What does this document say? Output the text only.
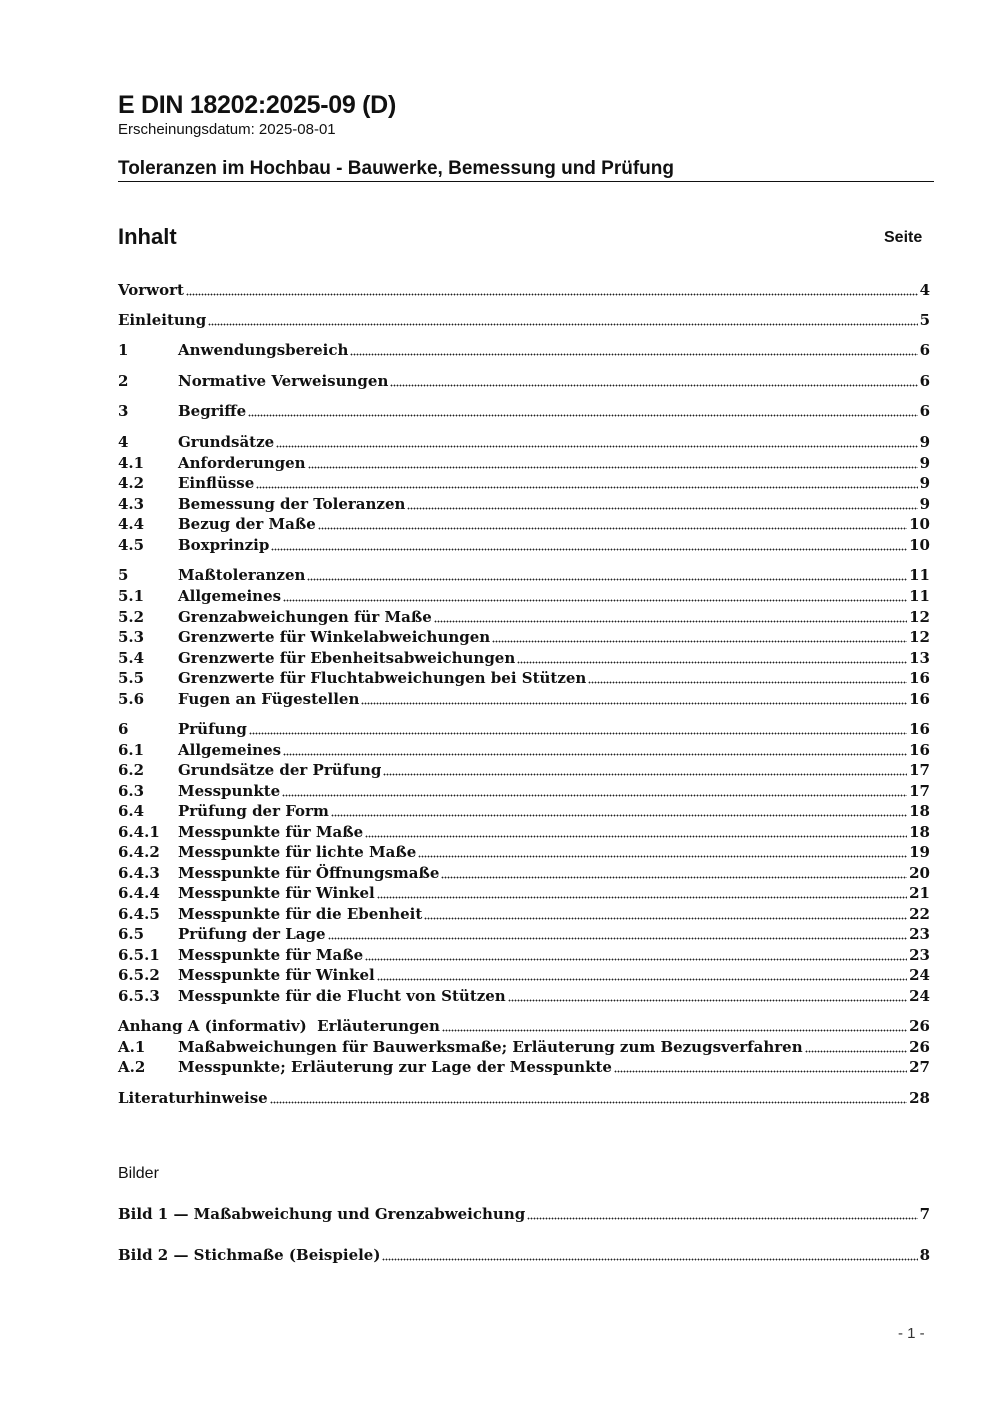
E DIN 18202:2025-09 (D)
Erscheinungsdatum: 2025-08-01
Toleranzen im Hochbau - Bauwerke, Bemessung und Prüfung
Inhalt	Seite
Vorwort	4
Einleitung	5
1	Anwendungsbereich	6
2	Normative Verweisungen	6
3	Begriffe	6
4	Grundsätze	9
4.1	Anforderungen	9
4.2	Einflüsse	9
4.3	Bemessung der Toleranzen	9
4.4	Bezug der Maße	10
4.5	Boxprinzip	10
5	Maßtoleranzen	11
5.1	Allgemeines	11
5.2	Grenzabweichungen für Maße	12
5.3	Grenzwerte für Winkelabweichungen	12
5.4	Grenzwerte für Ebenheitsabweichungen	13
5.5	Grenzwerte für Fluchtabweichungen bei Stützen	16
5.6	Fugen an Fügestellen	16
6	Prüfung	16
6.1	Allgemeines	16
6.2	Grundsätze der Prüfung	17
6.3	Messpunkte	17
6.4	Prüfung der Form	18
6.4.1	Messpunkte für Maße	18
6.4.2	Messpunkte für lichte Maße	19
6.4.3	Messpunkte für Öffnungsmaße	20
6.4.4	Messpunkte für Winkel	21
6.4.5	Messpunkte für die Ebenheit	22
6.5	Prüfung der Lage	23
6.5.1	Messpunkte für Maße	23
6.5.2	Messpunkte für Winkel	24
6.5.3	Messpunkte für die Flucht von Stützen	24
Anhang A (informativ)  Erläuterungen	26
A.1	Maßabweichungen für Bauwerksmaße; Erläuterung zum Bezugsverfahren	26
A.2	Messpunkte; Erläuterung zur Lage der Messpunkte	27
Literaturhinweise	28
Bilder
Bild 1 — Maßabweichung und Grenzabweichung	7
Bild 2 — Stichmaße (Beispiele)	8
- 1 -
